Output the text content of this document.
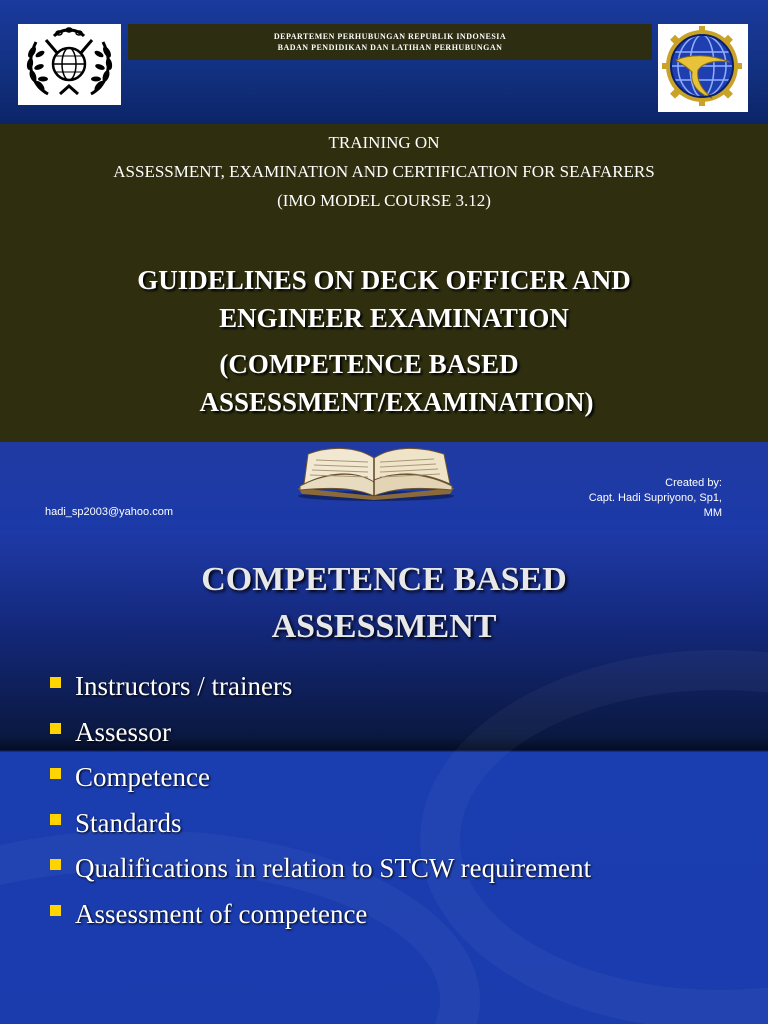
DEPARTEMEN PERHUBUNGAN REPUBLIK INDONESIA
BADAN PENDIDIKAN DAN LATIHAN PERHUBUNGAN
TRAINING ON
ASSESSMENT, EXAMINATION AND CERTIFICATION FOR SEAFARERS
(IMO MODEL COURSE 3.12)
GUIDELINES ON DECK OFFICER AND
ENGINEER EXAMINATION
(COMPETENCE BASED
ASSESSMENT/EXAMINATION)
Created by:
Capt. Hadi Supriyono, Sp1,
MM
hadi_sp2003@yahoo.com
COMPETENCE BASED
ASSESSMENT
Instructors / trainers
Assessor
Competence
Standards
Qualifications in relation to STCW requirement
Assessment of competence
